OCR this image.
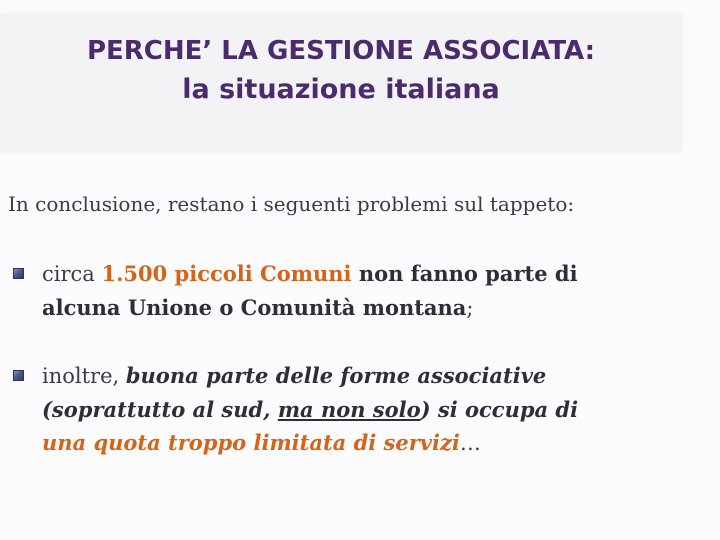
PERCHE’ LA GESTIONE ASSOCIATA:
la situazione italiana
In conclusione, restano i seguenti problemi sul tappeto:
circa 1.500 piccoli Comuni non fanno parte di
alcuna Unione o Comunità montana;
inoltre, buona parte delle forme associative
(soprattutto al sud, ma non solo) si occupa di
una quota troppo limitata di servizi…
